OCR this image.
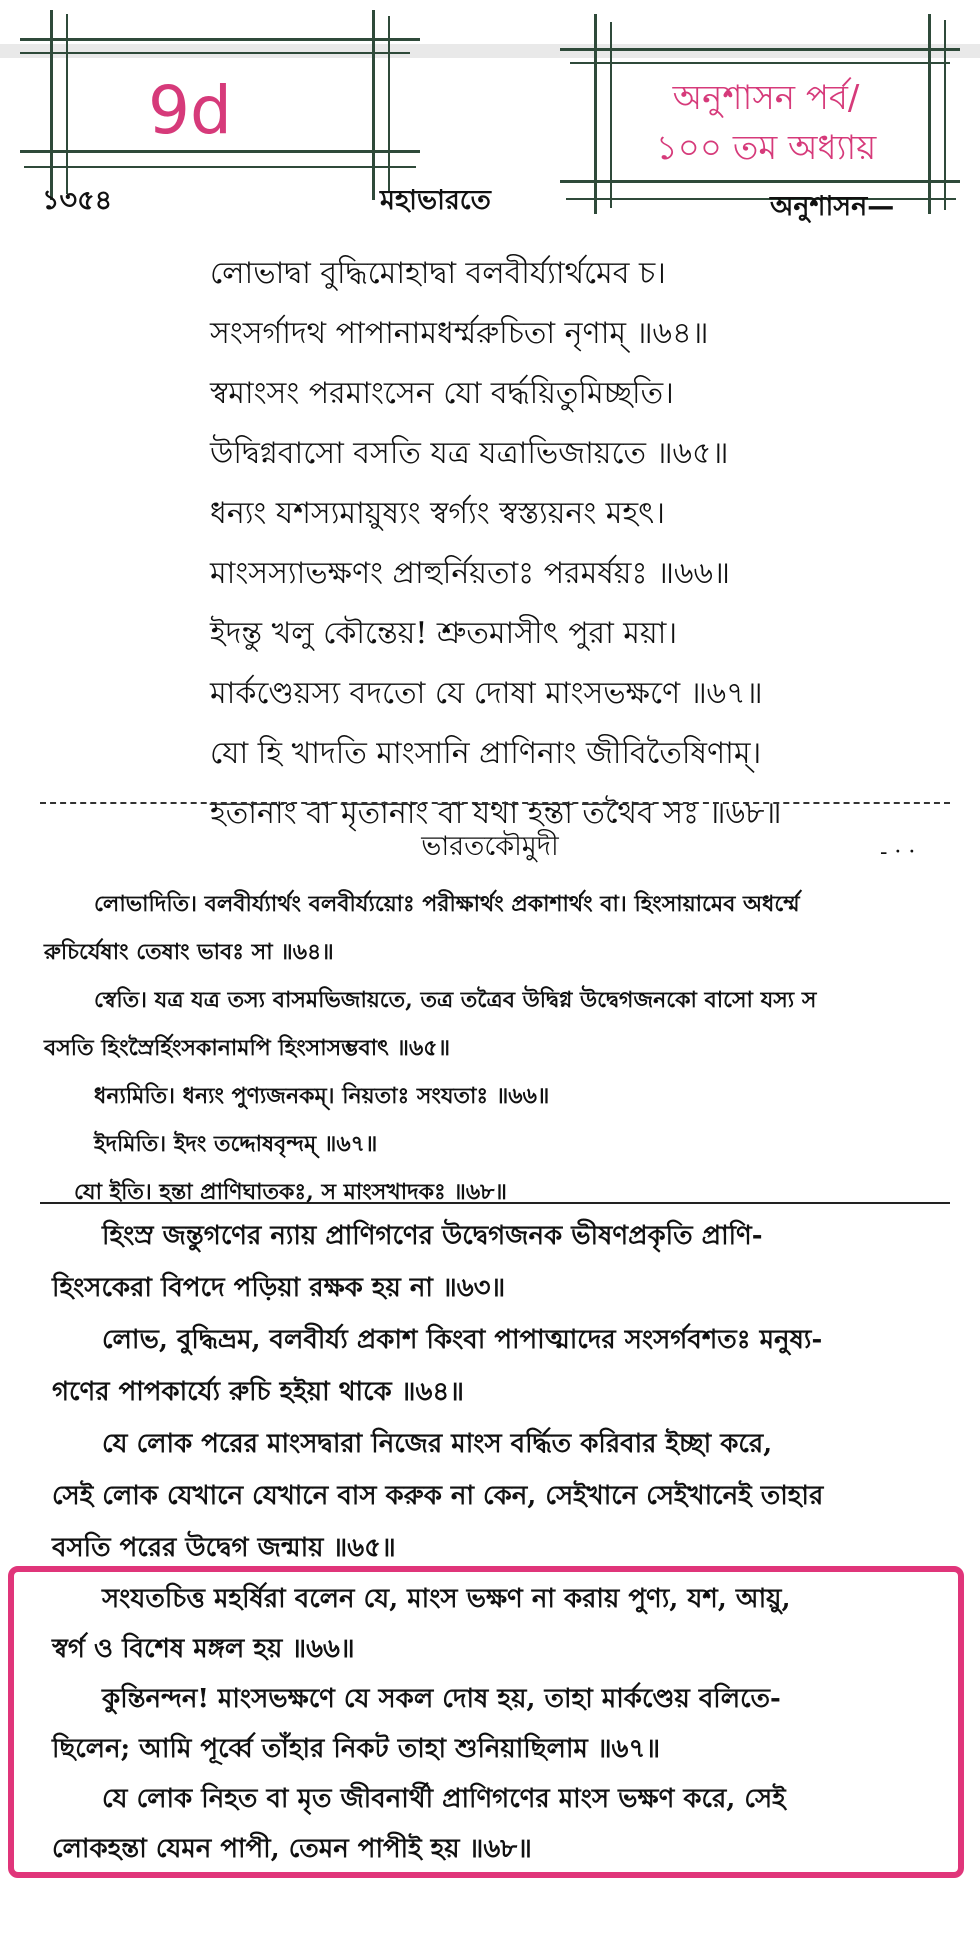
9d	অনুশাসন পর্ব/
১০০ তম অধ্যায়
১৩৫৪	মহাভারতে	অনুশাসন—
লোভাদ্বা বুদ্ধিমোহাদ্বা বলবীর্য্যার্থমেব চ।
সংসর্গাদথ পাপানামধর্ম্মরুচিতা নৃণাম্ ॥৬৪॥
স্বমাংসং পরমাংসেন যো বৰ্দ্ধয়িতুমিচ্ছতি।
উদ্বিগ্নবাসো বসতি যত্র যত্রাভিজায়তে ॥৬৫॥
ধন্যং যশস্যমায়ুষ্যং স্বর্গ্যং স্বস্ত্যয়নং মহৎ।
মাংসস্যাভক্ষণং প্রাহুর্নিয়তাঃ পরমর্ষয়ঃ ॥৬৬॥
ইদন্তু খলু কৌন্তেয়! শ্রুতমাসীৎ পুরা ময়া।
মার্কণ্ডেয়স্য বদতো যে দোষা মাংসভক্ষণে ॥৬৭॥
যো হি খাদতি মাংসানি প্রাণিনাং জীবিতৈষিণাম্।
হতানাং বা মৃতানাং বা যথা হন্তা তথৈব সঃ ॥৬৮॥
ভারতকৌমুদী	- · ·
লোভাদিতি। বলবীর্য্যার্থং বলবীর্য্যয়োঃ পরীক্ষার্থং প্রকাশার্থং বা। হিংসায়ামেব অধর্ম্মে
রুচির্যেষাং তেষাং ভাবঃ সা ॥৬৪॥
স্বেতি। যত্র যত্র তস্য বাসমভিজায়তে, তত্র তত্রৈব উদ্বিগ্ন উদ্বেগজনকো বাসো যস্য স
বসতি হিংস্রৈর্হিংসকানামপি হিংসাসম্ভবাৎ ॥৬৫॥
ধন্যমিতি। ধন্যং পুণ্যজনকম্। নিয়তাঃ সংযতাঃ ॥৬৬॥
ইদমিতি। ইদং তদ্দোষবৃন্দম্ ॥৬৭॥
যো ইতি। হন্তা প্রাণিঘাতকঃ, স মাংসখাদকঃ ॥৬৮॥
হিংস্র জন্তুগণের ন্যায় প্রাণিগণের উদ্বেগজনক ভীষণপ্রকৃতি প্রাণি-
হিংসকেরা বিপদে পড়িয়া রক্ষক হয় না ॥৬৩॥
লোভ, বুদ্ধিভ্রম, বলবীর্য্য প্রকাশ কিংবা পাপাত্মাদের সংসর্গবশতঃ মনুষ্য-
গণের পাপকার্য্যে রুচি হইয়া থাকে ॥৬৪॥
যে লোক পরের মাংসদ্বারা নিজের মাংস বৰ্দ্ধিত করিবার ইচ্ছা করে,
সেই লোক যেখানে যেখানে বাস করুক না কেন, সেইখানে সেইখানেই তাহার
বসতি পরের উদ্বেগ জন্মায় ॥৬৫॥
সংযতচিত্ত মহর্ষিরা বলেন যে, মাংস ভক্ষণ না করায় পুণ্য, যশ, আয়ু,
স্বর্গ ও বিশেষ মঙ্গল হয় ॥৬৬॥
কুন্তিনন্দন! মাংসভক্ষণে যে সকল দোষ হয়, তাহা মার্কণ্ডেয় বলিতে-
ছিলেন; আমি পূর্ব্বে তাঁহার নিকট তাহা শুনিয়াছিলাম ॥৬৭॥
যে লোক নিহত বা মৃত জীবনার্থী প্রাণিগণের মাংস ভক্ষণ করে, সেই
লোকহন্তা যেমন পাপী, তেমন পাপীই হয় ॥৬৮॥
